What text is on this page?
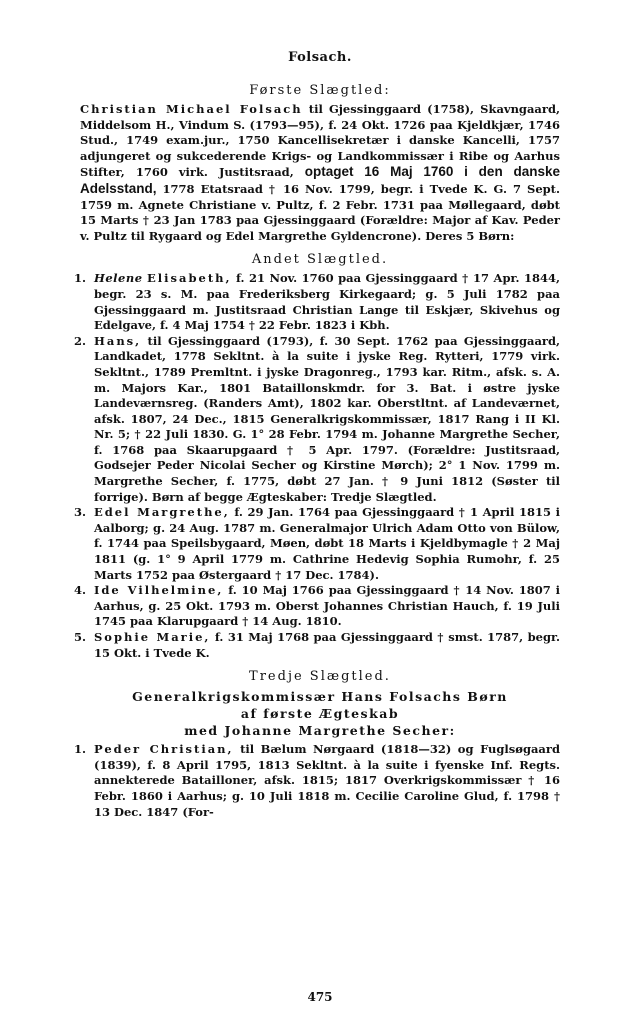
Folsach.
Første Slægtled:
Christian Michael Folsach til Gjessinggaard (1758), Skavngaard, Middelsom H., Vindum S. (1793—95), f. 24 Okt. 1726 paa Kjeldkjær, 1746 Stud., 1749 exam.jur., 1750 Kancellisekretær i danske Kancelli, 1757 adjungeret og sukcederende Krigs- og Landkommissær i Ribe og Aarhus Stifter, 1760 virk. Justitsraad, optaget 16 Maj 1760 i den danske Adelsstand, 1778 Etatsraad † 16 Nov. 1799, begr. i Tvede K. G. 7 Sept. 1759 m. Agnete Christiane v. Pultz, f. 2 Febr. 1731 paa Møllegaard, døbt 15 Marts † 23 Jan 1783 paa Gjessinggaard (Forældre: Major af Kav. Peder v. Pultz til Rygaard og Edel Margrethe Gyldencrone). Deres 5 Børn:
Andet Slægtled.
1. Helene Elisabeth, f. 21 Nov. 1760 paa Gjessinggaard † 17 Apr. 1844, begr. 23 s. M. paa Frederiksberg Kirkegaard; g. 5 Juli 1782 paa Gjessinggaard m. Justitsraad Christian Lange til Eskjær, Skivehus og Edelgave, f. 4 Maj 1754 † 22 Febr. 1823 i Kbh.
2. Hans, til Gjessinggaard (1793), f. 30 Sept. 1762 paa Gjessinggaard, Landkadet, 1778 Sekltnt. à la suite i jyske Reg. Rytteri, 1779 virk. Sekltnt., 1789 Premltnt. i jyske Dragonreg., 1793 kar. Ritm., afsk. s. A. m. Majors Kar., 1801 Bataillonskmdr. for 3. Bat. i østre jyske Landeværnsreg. (Randers Amt), 1802 kar. Oberstltnt. af Landeværnet, afsk. 1807, 24 Dec., 1815 Generalkrigskommissær, 1817 Rang i II Kl. Nr. 5; † 22 Juli 1830. G. 1° 28 Febr. 1794 m. Johanne Margrethe Secher, f. 1768 paa Skaarupgaard † 5 Apr. 1797. (Forældre: Justitsraad, Godsejer Peder Nicolai Secher og Kirstine Mørch); 2° 1 Nov. 1799 m. Margrethe Secher, f. 1775, døbt 27 Jan. † 9 Juni 1812 (Søster til forrige). Børn af begge Ægteskaber: Tredje Slægtled.
3. Edel Margrethe, f. 29 Jan. 1764 paa Gjessinggaard † 1 April 1815 i Aalborg; g. 24 Aug. 1787 m. Generalmajor Ulrich Adam Otto von Bülow, f. 1744 paa Speilsbygaard, Møen, døbt 18 Marts i Kjeldbymagle † 2 Maj 1811 (g. 1° 9 April 1779 m. Cathrine Hedevig Sophia Rumohr, f. 25 Marts 1752 paa Østergaard † 17 Dec. 1784).
4. Ide Vilhelmine, f. 10 Maj 1766 paa Gjessinggaard † 14 Nov. 1807 i Aarhus, g. 25 Okt. 1793 m. Oberst Johannes Christian Hauch, f. 19 Juli 1745 paa Klarupgaard † 14 Aug. 1810.
5. Sophie Marie, f. 31 Maj 1768 paa Gjessinggaard † smst. 1787, begr. 15 Okt. i Tvede K.
Tredje Slægtled.
Generalkrigskommissær Hans Folsachs Børn
af første Ægteskab
med Johanne Margrethe Secher:
1. Peder Christian, til Bælum Nørgaard (1818—32) og Fuglsøgaard (1839), f. 8 April 1795, 1813 Sekltnt. à la suite i fyenske Inf. Regts. annekterede Batailloner, afsk. 1815; 1817 Overkrigskommissær † 16 Febr. 1860 i Aarhus; g. 10 Juli 1818 m. Cecilie Caroline Glud, f. 1798 † 13 Dec. 1847 (For-
475
